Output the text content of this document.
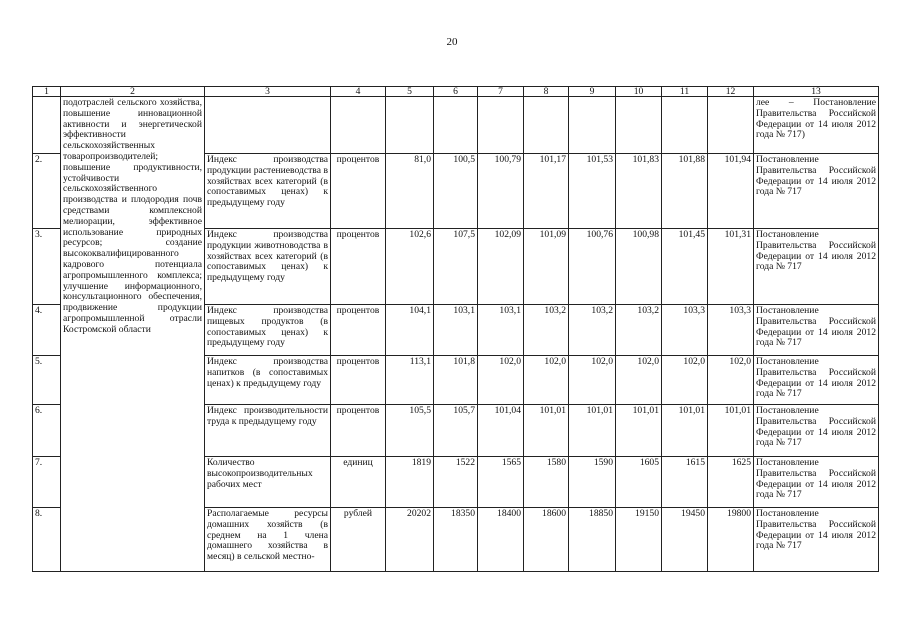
20
1	2	3	4	5	6	7	8	9	10	11	12	13
	подотраслей сельского хозяйства, повышение инновационной активности и энергетической эффективности сельскохозяйственных товаропроизводителей; повышение продуктивности, устойчивости сельскохозяйственного производства и плодородия почв средствами комплексной мелиорации, эффективное использование природных ресурсов; создание высококвалифицированного кадрового потенциала агропромышленного комплекса; улучшение информационного, консультационного обеспечения, продвижение продукции агропромышленной отрасли Костромской области											лее – Постановление Правительства Российской Федерации от 14 июля 2012 года № 717)
2.		Индекс производства продукции растениеводства в хозяйствах всех категорий (в сопоставимых ценах) к предыдущему году	процентов	81,0	100,5	100,79	101,17	101,53	101,83	101,88	101,94	Постановление Правительства Российской Федерации от 14 июля 2012 года № 717
3.		Индекс производства продукции животноводства в хозяйствах всех категорий (в сопоставимых ценах) к предыдущему году	процентов	102,6	107,5	102,09	101,09	100,76	100,98	101,45	101,31	Постановление Правительства Российской Федерации от 14 июля 2012 года № 717
4.		Индекс производства пищевых продуктов (в сопоставимых ценах) к предыдущему году	процентов	104,1	103,1	103,1	103,2	103,2	103,2	103,3	103,3	Постановление Правительства Российской Федерации от 14 июля 2012 года № 717
5.		Индекс производства напитков (в сопоставимых ценах) к предыдущему году	процентов	113,1	101,8	102,0	102,0	102,0	102,0	102,0	102,0	Постановление Правительства Российской Федерации от 14 июля 2012 года № 717
6.		Индекс производительности труда к предыдущему году	процентов	105,5	105,7	101,04	101,01	101,01	101,01	101,01	101,01	Постановление Правительства Российской Федерации от 14 июля 2012 года № 717
7.		Количество высокопроизводительных рабочих мест	единиц	1819	1522	1565	1580	1590	1605	1615	1625	Постановление Правительства Российской Федерации от 14 июля 2012 года № 717
8.		Располагаемые ресурсы домашних хозяйств (в среднем на 1 члена домашнего хозяйства в месяц) в сельской местно-	рублей	20202	18350	18400	18600	18850	19150	19450	19800	Постановление Правительства Российской Федерации от 14 июля 2012 года № 717
